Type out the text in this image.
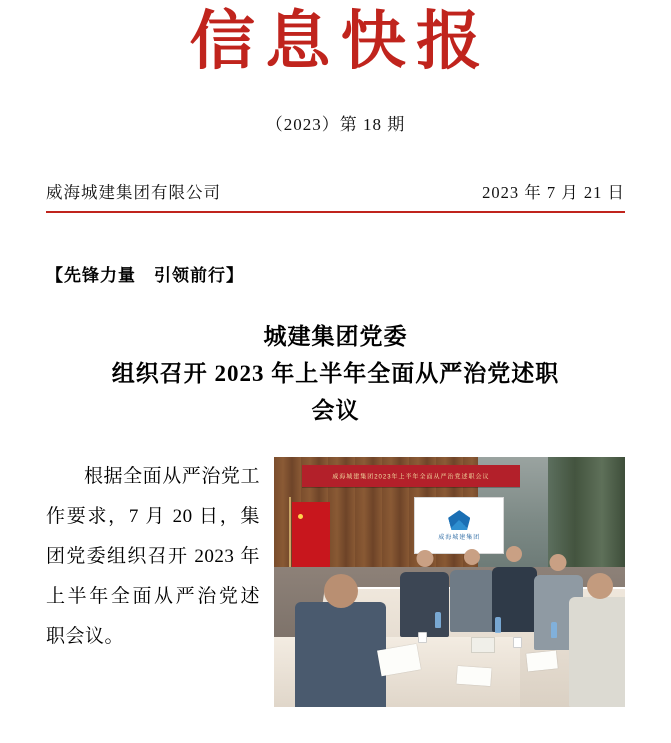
信息快报
（2023）第 18 期
威海城建集团有限公司	2023 年 7 月 21 日
【先锋力量　引领前行】
城建集团党委
组织召开 2023 年上半年全面从严治党述职
会议

根据全面从严治党工作要求，7 月 20 日，集团党委组织召开 2023 年上半年全面从严治党述职会议。

威海城建集团2023年上半年全面从严治党述职会议
威海城建集团
